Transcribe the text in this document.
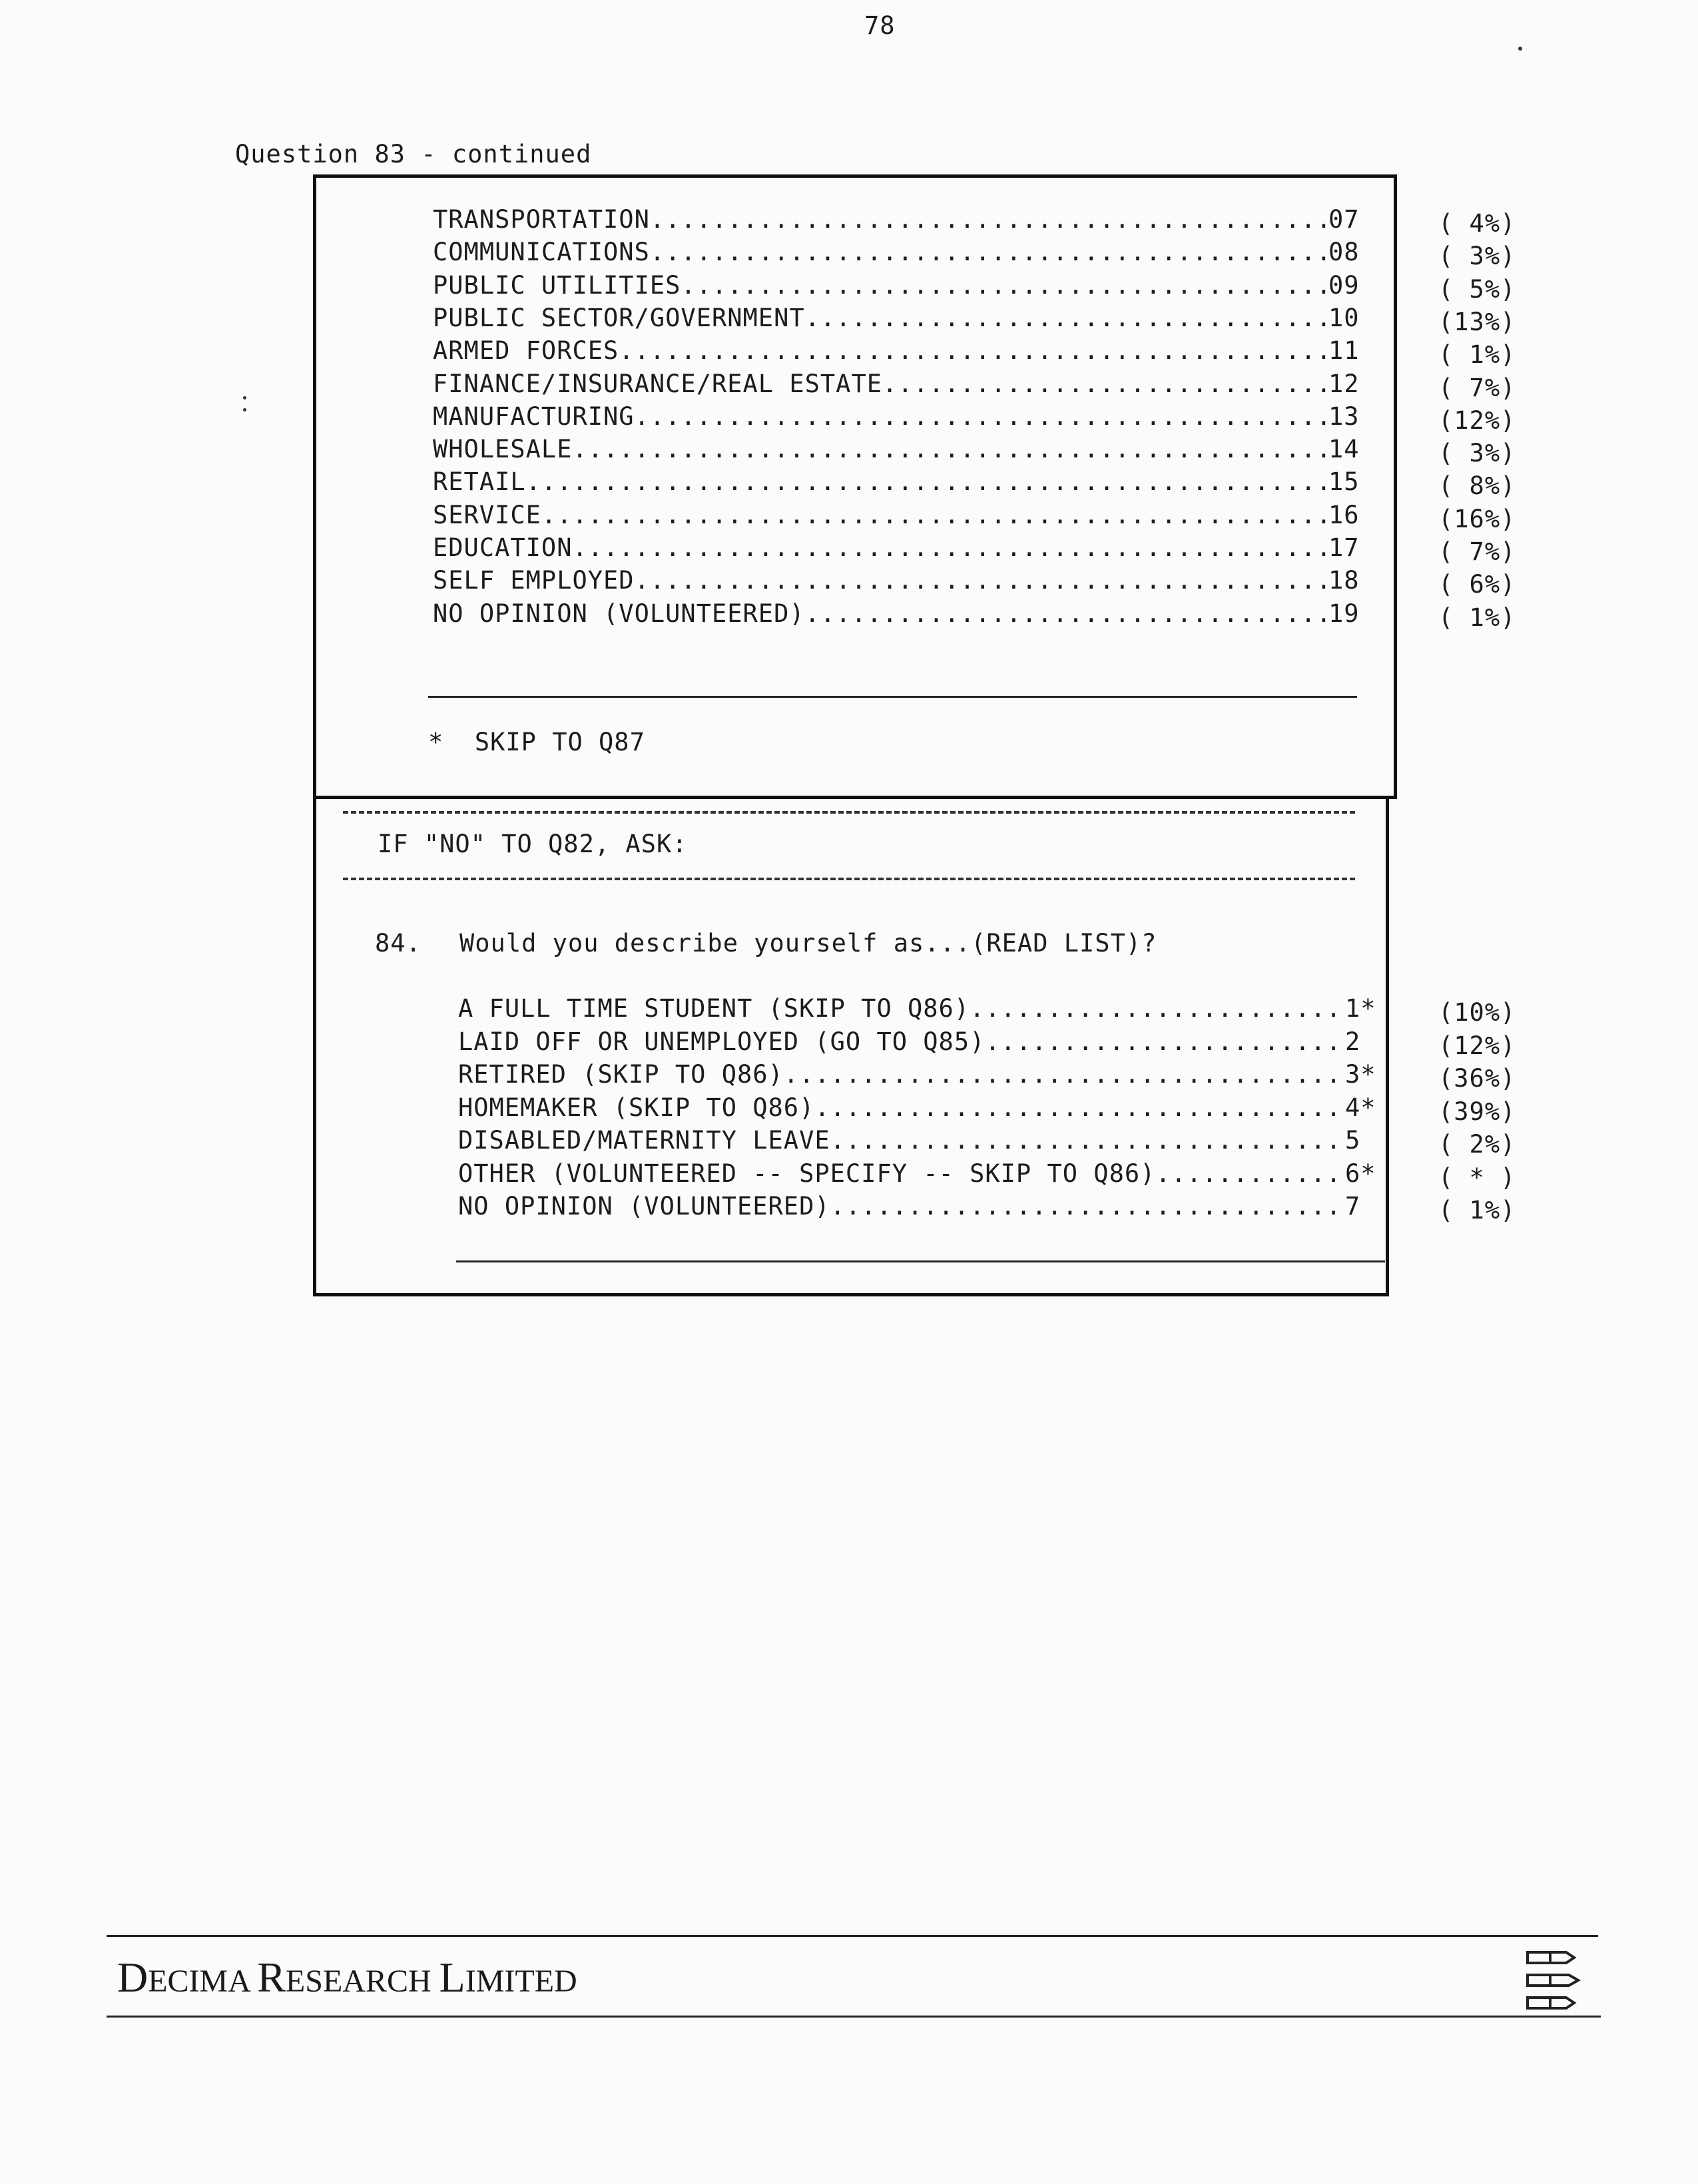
78
Question 83 - continued
TRANSPORTATION .....	07	( 4%)
COMMUNICATIONS .....	08	( 3%)
PUBLIC UTILITIES .....	09	( 5%)
PUBLIC SECTOR/GOVERNMENT .....	10	(13%)
ARMED FORCES .....	11	( 1%)
FINANCE/INSURANCE/REAL ESTATE .....	12	( 7%)
MANUFACTURING .....	13	(12%)
WHOLESALE .....	14	( 3%)
RETAIL .....	15	( 8%)
SERVICE .....	16	(16%)
EDUCATION .....	17	( 7%)
SELF EMPLOYED .....	18	( 6%)
NO OPINION (VOLUNTEERED) .....	19	( 1%)
*  SKIP TO Q87
IF "NO" TO Q82, ASK:
84. Would you describe yourself as...(READ LIST)?
A FULL TIME STUDENT (SKIP TO Q86) .....	1*	(10%)
LAID OFF OR UNEMPLOYED (GO TO Q85) .....	2	(12%)
RETIRED (SKIP TO Q86) .....	3*	(36%)
HOMEMAKER (SKIP TO Q86) .....	4*	(39%)
DISABLED/MATERNITY LEAVE .....	5	( 2%)
OTHER (VOLUNTEERED -- SPECIFY -- SKIP TO Q86) .....	6*	( * )
NO OPINION (VOLUNTEERED) .....	7	( 1%)
DECIMA RESEARCH LIMITED
